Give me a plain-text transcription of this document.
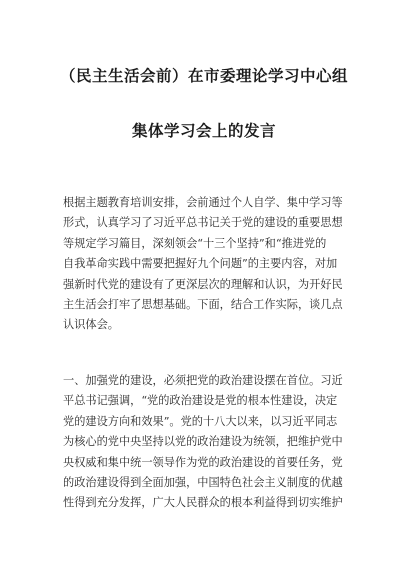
（民主生活会前）在市委理论学习中心组
集体学习会上的发言

根据主题教育培训安排，会前通过个人自学、集中学习等
形式，认真学习了习近平总书记关于党的建设的重要思想
等规定学习篇目，深刻领会“十三个坚持”和“推进党的
自我革命实践中需要把握好九个问题”的主要内容，对加
强新时代党的建设有了更深层次的理解和认识，为开好民
主生活会打牢了思想基础。下面，结合工作实际，谈几点
认识体会。

一、加强党的建设，必须把党的政治建设摆在首位。习近
平总书记强调，“党的政治建设是党的根本性建设，决定
党的建设方向和效果”。党的十八大以来，以习近平同志
为核心的党中央坚持以党的政治建设为统领，把维护党中
央权威和集中统一领导作为党的政治建设的首要任务，党
的政治建设得到全面加强，中国特色社会主义制度的优越
性得到充分发挥，广大人民群众的根本利益得到切实维护
